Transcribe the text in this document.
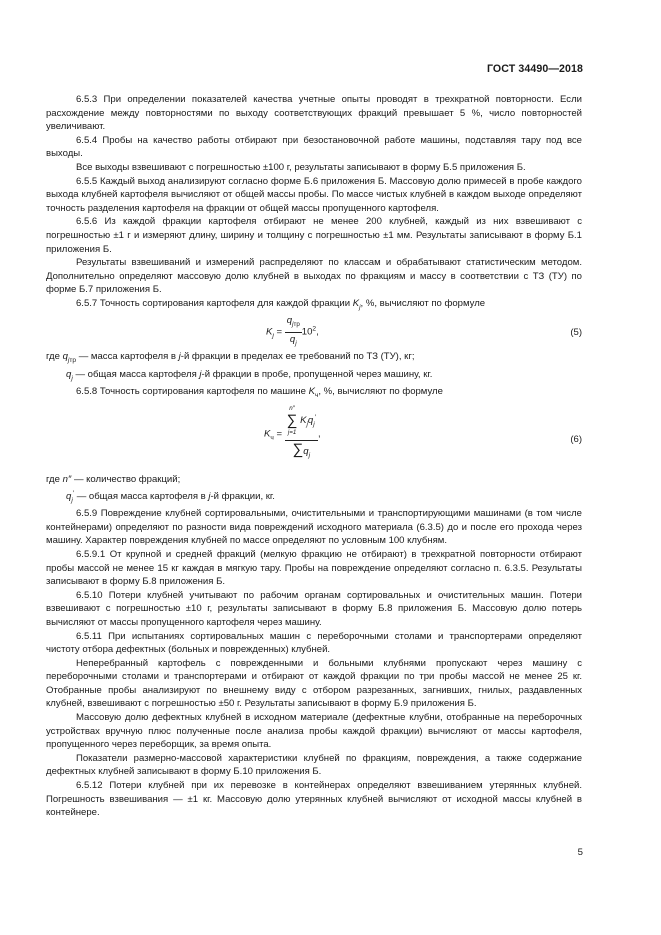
ГОСТ 34490—2018

6.5.3 При определении показателей качества учетные опыты проводят в трехкратной повторности. Если расхождение между повторностями по выходу соответствующих фракций превышает 5 %, число повторностей увеличивают.

6.5.4 Пробы на качество работы отбирают при безостановочной работе машины, подставляя тару под все выходы.

Все выходы взвешивают с погрешностью ±100 г, результаты записывают в форму Б.5 приложения Б.

6.5.5 Каждый выход анализируют согласно форме Б.6 приложения Б. Массовую долю примесей в пробе каждого выхода клубней картофеля вычисляют от общей массы пробы. По массе чистых клубней в каждом выходе определяют точность разделения картофеля на фракции от общей массы пропущенного картофеля.

6.5.6 Из каждой фракции картофеля отбирают не менее 200 клубней, каждый из них взвешивают с погрешностью ±1 г и измеряют длину, ширину и толщину с погрешностью ±1 мм. Результаты записывают в форму Б.1 приложения Б.

Результаты взвешиваний и измерений распределяют по классам и обрабатывают статистическим методом. Дополнительно определяют массовую долю клубней в выходах по фракциям и массу в соответствии с ТЗ (ТУ) по форме Б.7 приложения Б.

6.5.7 Точность сортирования картофеля для каждой фракции $K_j$, %, вычисляют по формуле

$K_j = \frac{q_{jтр}}{q_j} 10^2$,	(5)

где $q_{jтр}$ — масса картофеля в j-й фракции в пределах ее требований по ТЗ (ТУ), кг;

$q_j$ — общая масса картофеля j-й фракции в пробе, пропущенной через машину, кг.

6.5.8 Точность сортирования картофеля по машине $K_ч$, %, вычисляют по формуле

$K_ч$ =
n″
∑
j=1
$K_jq_j'$
$\sum q_j$
,
(6)

где n″ — количество фракций;

$q_j'$ — общая масса картофеля в j-й фракции, кг.

6.5.9 Повреждение клубней сортировальными, очистительными и транспортирующими машинами (в том числе контейнерами) определяют по разности вида повреждений исходного материала (6.3.5) до и после его прохода через машину. Характер повреждения клубней по массе определяют по условным 100 клубням.

6.5.9.1 От крупной и средней фракций (мелкую фракцию не отбирают) в трехкратной повторности отбирают пробы массой не менее 15 кг каждая в мягкую тару. Пробы на повреждение определяют согласно п. 6.3.5. Результаты записывают в форму Б.8 приложения Б.

6.5.10 Потери клубней учитывают по рабочим органам сортировальных и очистительных машин. Потери взвешивают с погрешностью ±10 г, результаты записывают в форму Б.8 приложения Б. Массовую долю потерь вычисляют от массы пропущенного картофеля через машину.

6.5.11 При испытаниях сортировальных машин с переборочными столами и транспортерами определяют чистоту отбора дефектных (больных и поврежденных) клубней.

Неперебранный картофель с поврежденными и больными клубнями пропускают через машину с переборочными столами и транспортерами и отбирают от каждой фракции по три пробы массой не менее 25 кг. Отобранные пробы анализируют по внешнему виду с отбором разрезанных, загнивших, гнилых, раздавленных клубней, взвешивают с погрешностью ±50 г. Результаты записывают в форму Б.9 приложения Б.

Массовую долю дефектных клубней в исходном материале (дефектные клубни, отобранные на переборочных устройствах вручную плюс полученные после анализа пробы каждой фракции) вычисляют от массы картофеля, пропущенного через переборщик, за время опыта.

Показатели размерно-массовой характеристики клубней по фракциям, повреждения, а также содержание дефектных клубней записывают в форму Б.10 приложения Б.

6.5.12 Потери клубней при их перевозке в контейнерах определяют взвешиванием утерянных клубней. Погрешность взвешивания — ±1 кг. Массовую долю утерянных клубней вычисляют от исходной массы клубней в контейнере.

5
